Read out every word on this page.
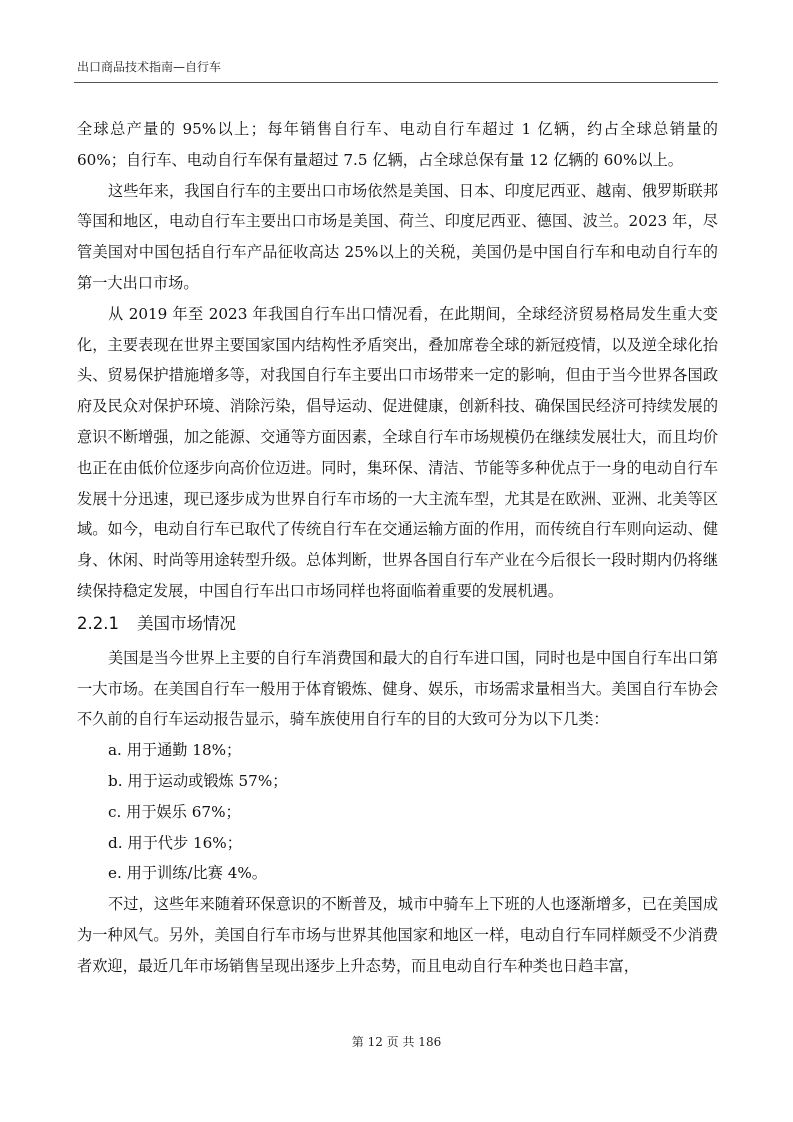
出口商品技术指南—自行车

全球总产量的 95%以上；每年销售自行车、电动自行车超过 1 亿辆，约占全球总销量的 60%；自行车、电动自行车保有量超过 7.5 亿辆，占全球总保有量 12 亿辆的 60%以上。

这些年来，我国自行车的主要出口市场依然是美国、日本、印度尼西亚、越南、俄罗斯联邦等国和地区，电动自行车主要出口市场是美国、荷兰、印度尼西亚、德国、波兰。2023 年，尽管美国对中国包括自行车产品征收高达 25%以上的关税，美国仍是中国自行车和电动自行车的第一大出口市场。

从 2019 年至 2023 年我国自行车出口情况看，在此期间，全球经济贸易格局发生重大变化，主要表现在世界主要国家国内结构性矛盾突出，叠加席卷全球的新冠疫情，以及逆全球化抬头、贸易保护措施增多等，对我国自行车主要出口市场带来一定的影响，但由于当今世界各国政府及民众对保护环境、消除污染，倡导运动、促进健康，创新科技、确保国民经济可持续发展的意识不断增强，加之能源、交通等方面因素，全球自行车市场规模仍在继续发展壮大，而且均价也正在由低价位逐步向高价位迈进。同时，集环保、清洁、节能等多种优点于一身的电动自行车发展十分迅速，现已逐步成为世界自行车市场的一大主流车型，尤其是在欧洲、亚洲、北美等区域。如今，电动自行车已取代了传统自行车在交通运输方面的作用，而传统自行车则向运动、健身、休闲、时尚等用途转型升级。总体判断，世界各国自行车产业在今后很长一段时期内仍将继续保持稳定发展，中国自行车出口市场同样也将面临着重要的发展机遇。

2.2.1 美国市场情况

美国是当今世界上主要的自行车消费国和最大的自行车进口国，同时也是中国自行车出口第一大市场。在美国自行车一般用于体育锻炼、健身、娱乐，市场需求量相当大。美国自行车协会不久前的自行车运动报告显示，骑车族使用自行车的目的大致可分为以下几类：

a. 用于通勤 18%；
b. 用于运动或锻炼 57%；
c. 用于娱乐 67%；
d. 用于代步 16%；
e. 用于训练/比赛 4%。

不过，这些年来随着环保意识的不断普及，城市中骑车上下班的人也逐渐增多，已在美国成为一种风气。另外，美国自行车市场与世界其他国家和地区一样，电动自行车同样颇受不少消费者欢迎，最近几年市场销售呈现出逐步上升态势，而且电动自行车种类也日趋丰富，

第 12 页 共 186
